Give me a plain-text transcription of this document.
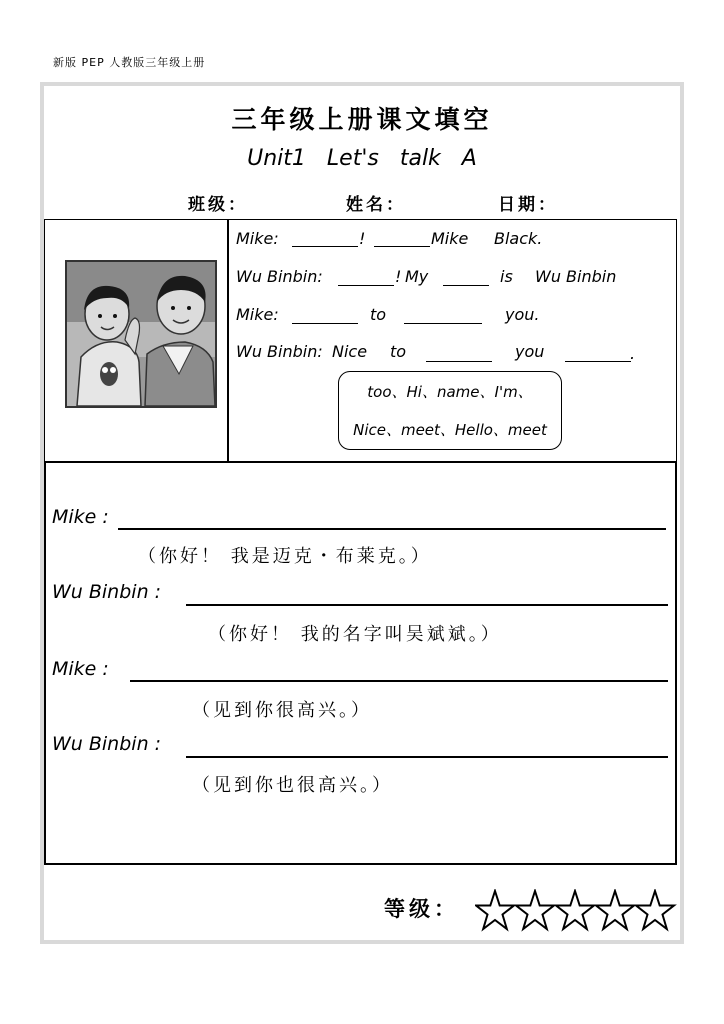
新版 PEP 人教版三年级上册
三年级上册课文填空
Unit1 Let's talk A
班级：	姓名：	日期：
Mike:	!	Mike Black.
Wu Binbin:	! My	is Wu Binbin
Mike:	to	you.
Wu Binbin: Nice to	you	.
too、Hi、name、I'm、
Nice、meet、Hello、meet
Mike :
（你好！ 我是迈克・布莱克。）
Wu Binbin :
（你好！ 我的名字叫吴斌斌。）
Mike :
（见到你很高兴。）
Wu Binbin :
（见到你也很高兴。）
等级：
